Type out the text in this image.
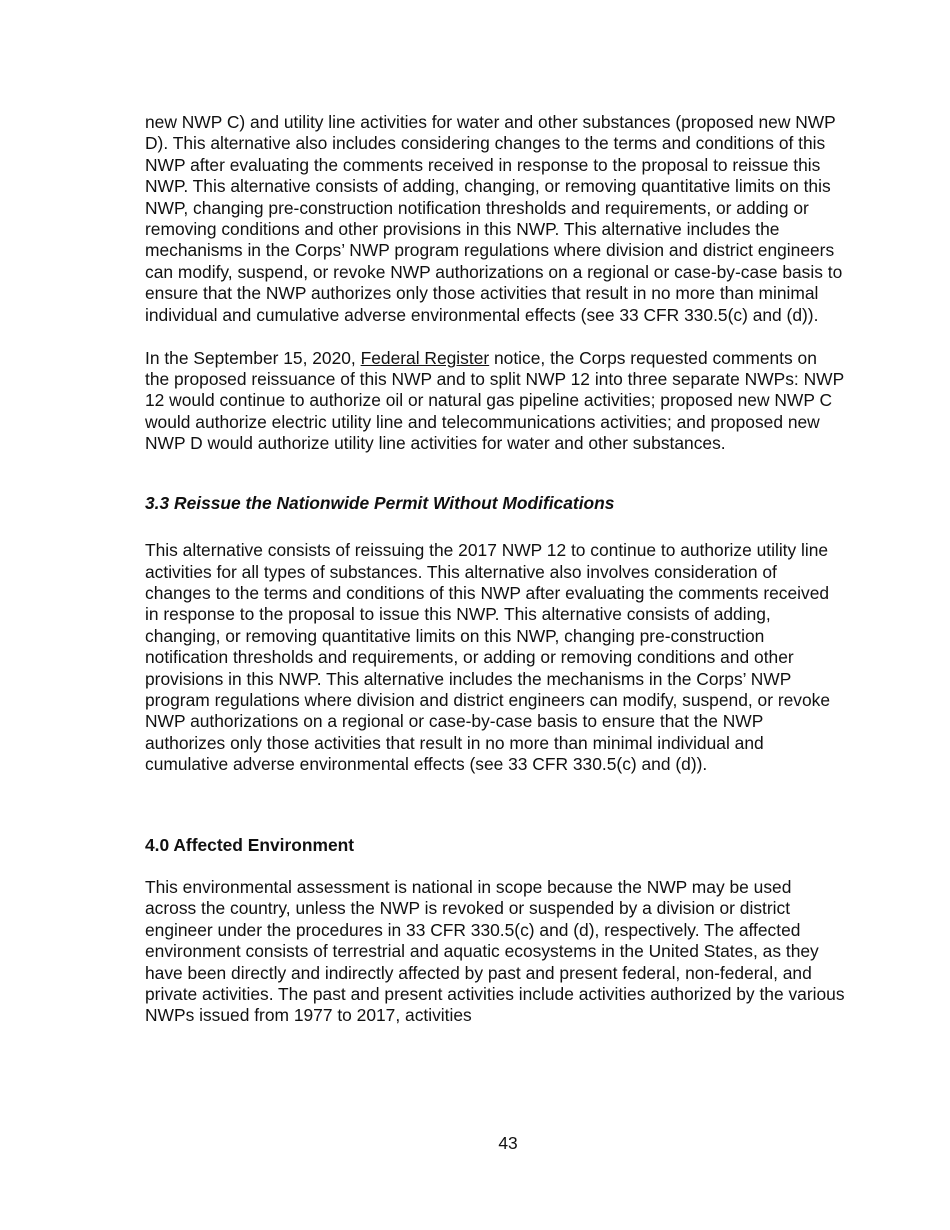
new NWP C) and utility line activities for water and other substances (proposed new NWP D). This alternative also includes considering changes to the terms and conditions of this NWP after evaluating the comments received in response to the proposal to reissue this NWP. This alternative consists of adding, changing, or removing quantitative limits on this NWP, changing pre-construction notification thresholds and requirements, or adding or removing conditions and other provisions in this NWP. This alternative includes the mechanisms in the Corps’ NWP program regulations where division and district engineers can modify, suspend, or revoke NWP authorizations on a regional or case-by-case basis to ensure that the NWP authorizes only those activities that result in no more than minimal individual and cumulative adverse environmental effects (see 33 CFR 330.5(c) and (d)).

In the September 15, 2020, Federal Register notice, the Corps requested comments on the proposed reissuance of this NWP and to split NWP 12 into three separate NWPs: NWP 12 would continue to authorize oil or natural gas pipeline activities; proposed new NWP C would authorize electric utility line and telecommunications activities; and proposed new NWP D would authorize utility line activities for water and other substances.

3.3 Reissue the Nationwide Permit Without Modifications

This alternative consists of reissuing the 2017 NWP 12 to continue to authorize utility line activities for all types of substances. This alternative also involves consideration of changes to the terms and conditions of this NWP after evaluating the comments received in response to the proposal to issue this NWP. This alternative consists of adding, changing, or removing quantitative limits on this NWP, changing pre-construction notification thresholds and requirements, or adding or removing conditions and other provisions in this NWP. This alternative includes the mechanisms in the Corps’ NWP program regulations where division and district engineers can modify, suspend, or revoke NWP authorizations on a regional or case-by-case basis to ensure that the NWP authorizes only those activities that result in no more than minimal individual and cumulative adverse environmental effects (see 33 CFR 330.5(c) and (d)).

4.0 Affected Environment

This environmental assessment is national in scope because the NWP may be used across the country, unless the NWP is revoked or suspended by a division or district engineer under the procedures in 33 CFR 330.5(c) and (d), respectively. The affected environment consists of terrestrial and aquatic ecosystems in the United States, as they have been directly and indirectly affected by past and present federal, non-federal, and private activities. The past and present activities include activities authorized by the various NWPs issued from 1977 to 2017, activities

43
